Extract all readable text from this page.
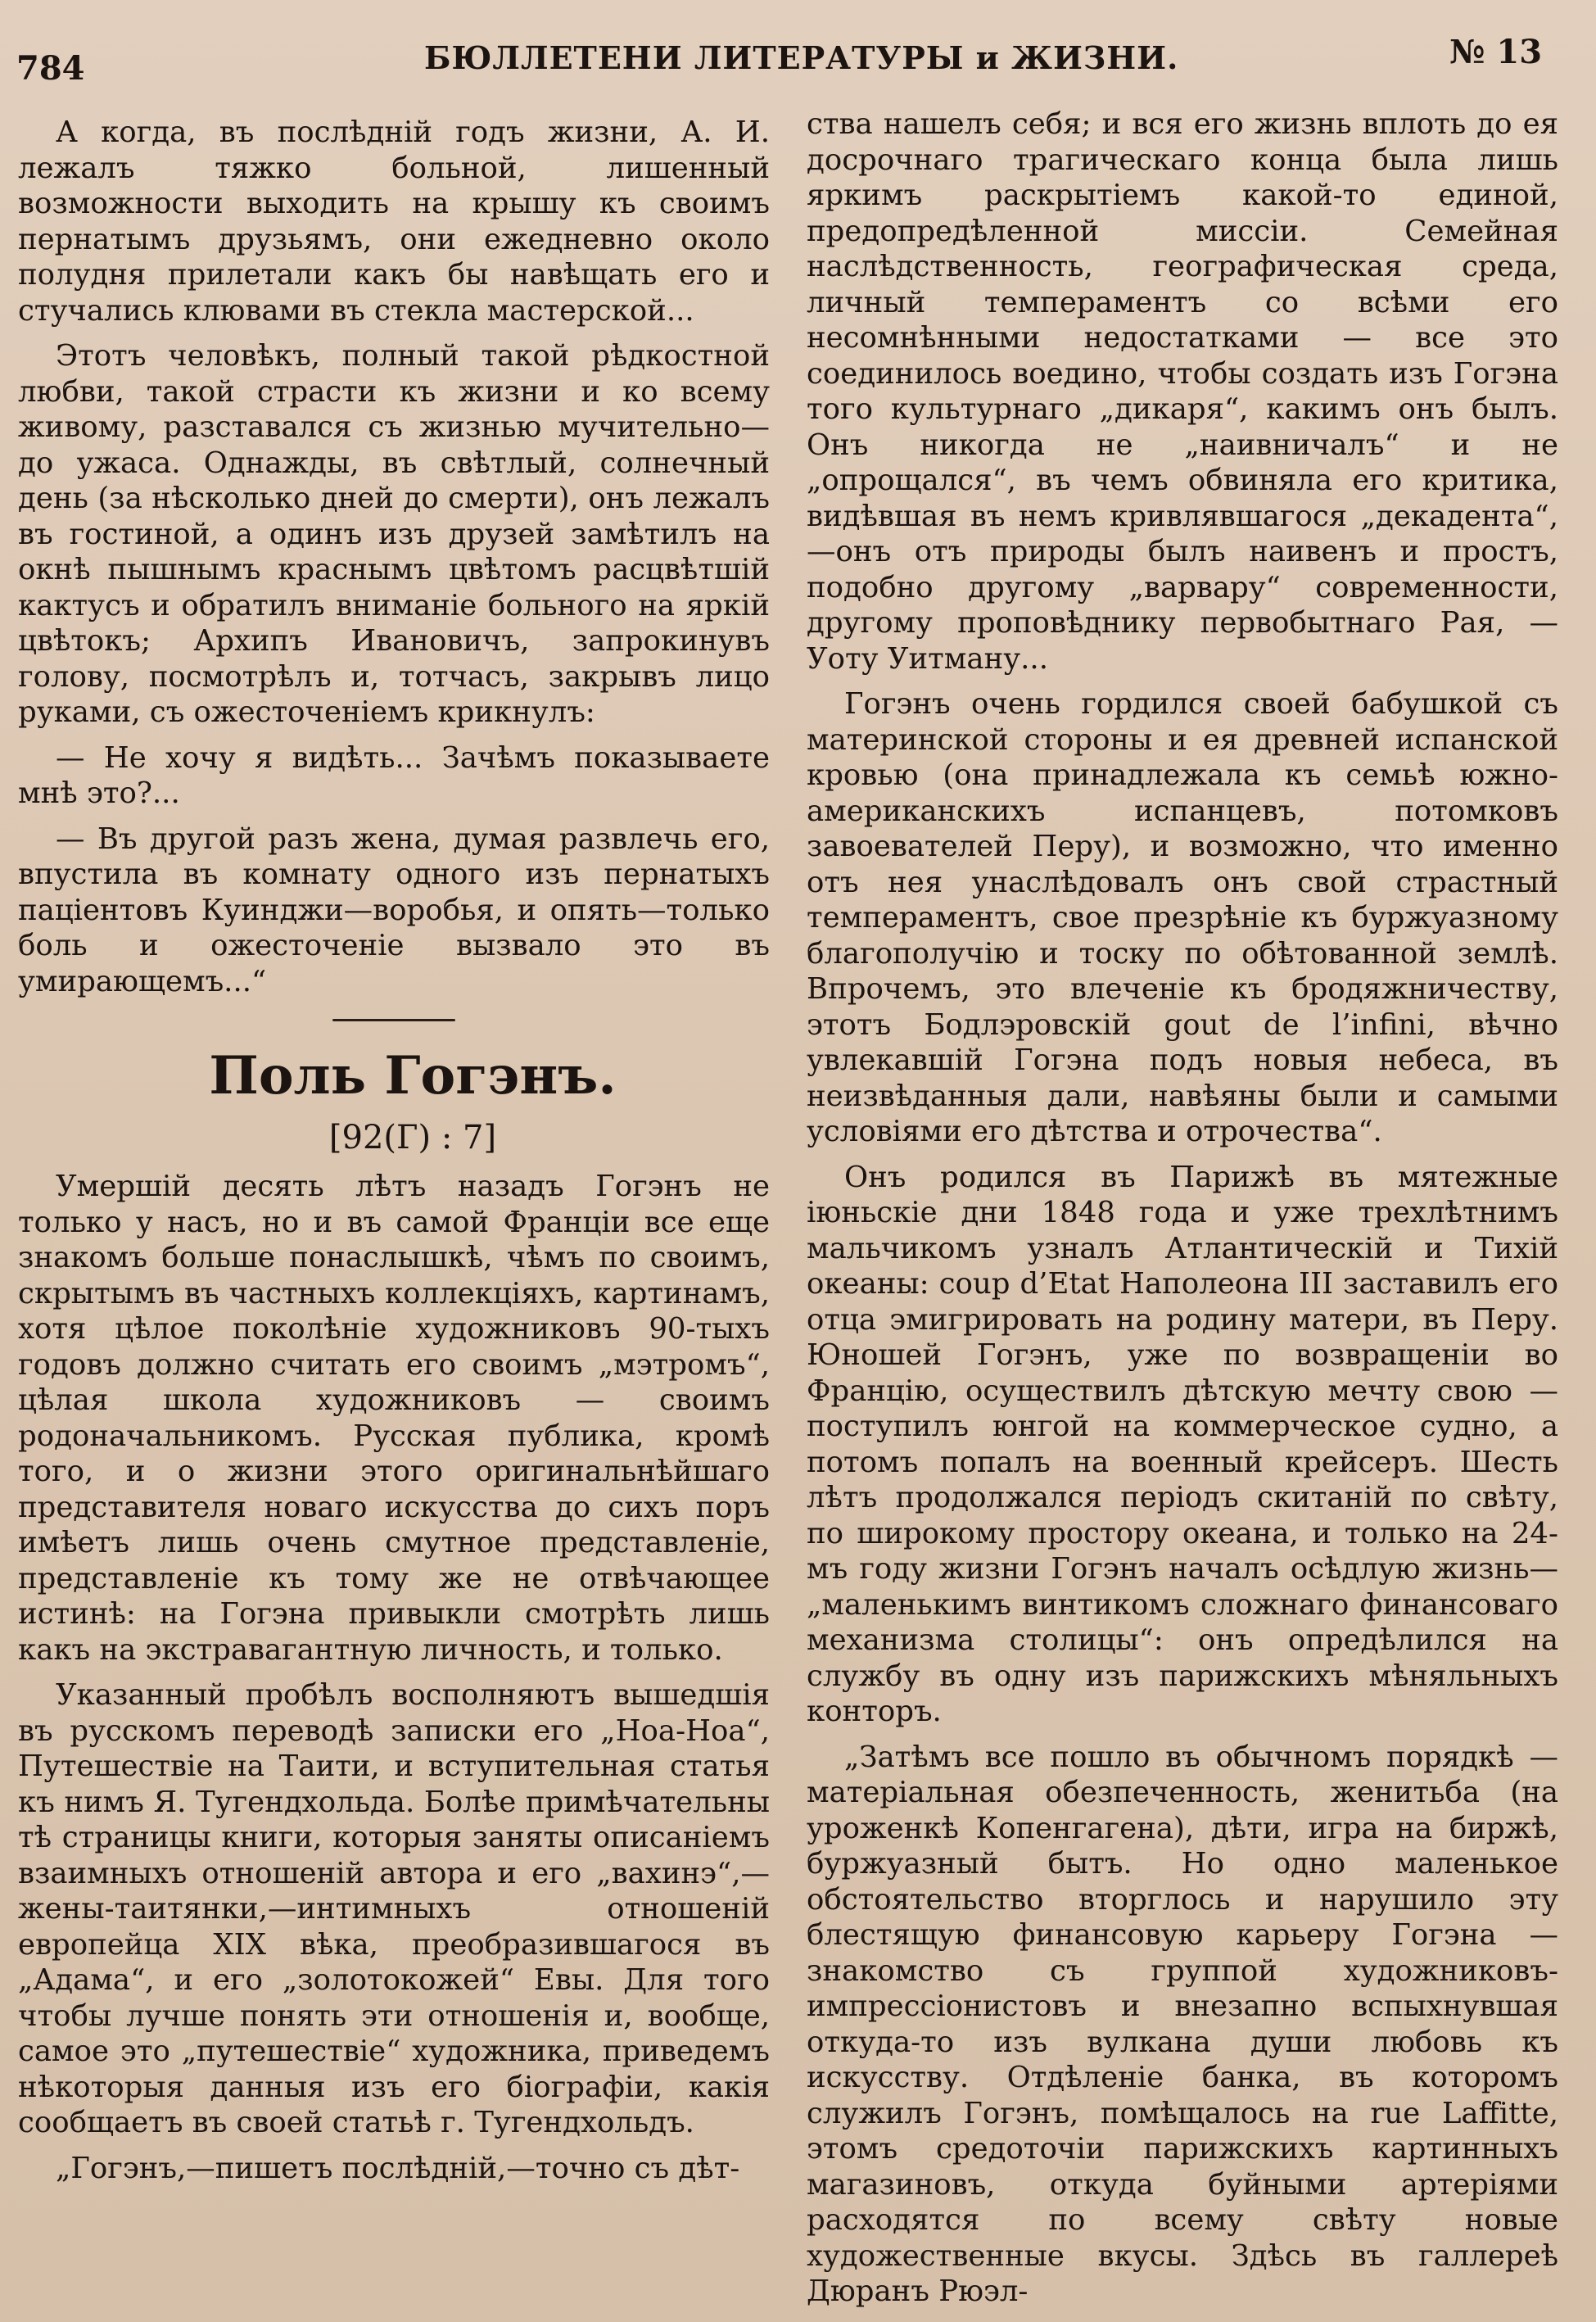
784	БЮЛЛЕТЕНИ ЛИТЕРАТУРЫ и ЖИЗНИ.	№ 13

А когда, въ послѣдній годъ жизни, А. И. лежалъ тяжко больной, лишенный возможности выходить на крышу къ своимъ пернатымъ друзьямъ, они ежедневно около полудня прилетали какъ бы навѣщать его и стучались клювами въ стекла мастерской...

Этотъ человѣкъ, полный такой рѣдкостной любви, такой страсти къ жизни и ко всему живому, разставался съ жизнью мучительно—до ужаса. Однажды, въ свѣтлый, солнечный день (за нѣсколько дней до смерти), онъ лежалъ въ гостиной, а одинъ изъ друзей замѣтилъ на окнѣ пышнымъ краснымъ цвѣтомъ расцвѣтшій кактусъ и обратилъ вниманіе больного на яркій цвѣтокъ; Архипъ Ивановичъ, запрокинувъ голову, посмотрѣлъ и, тотчасъ, закрывъ лицо руками, съ ожесточеніемъ крикнулъ:

— Не хочу я видѣть... Зачѣмъ показываете мнѣ это?...

— Въ другой разъ жена, думая развлечь его, впустила въ комнату одного изъ пернатыхъ паціентовъ Куинджи—воробья, и опять—только боль и ожесточеніе вызвало это въ умирающемъ...“

Поль Гогэнъ.

[92(Г) : 7]

Умершій десять лѣтъ назадъ Гогэнъ не только у насъ, но и въ самой Франціи все еще знакомъ больше понаслышкѣ, чѣмъ по своимъ, скрытымъ въ частныхъ коллекціяхъ, картинамъ, хотя цѣлое поколѣніе художниковъ 90-тыхъ годовъ должно считать его своимъ „мэтромъ“, цѣлая школа художниковъ — своимъ родоначальникомъ. Русская публика, кромѣ того, и о жизни этого оригинальнѣйшаго представителя новаго искусства до сихъ поръ имѣетъ лишь очень смутное представленіе, представленіе къ тому же не отвѣчающее истинѣ: на Гогэна привыкли смотрѣть лишь какъ на экстравагантную личность, и только.

Указанный пробѣлъ восполняютъ вышедшія въ русскомъ переводѣ записки его „Ноа-Ноа“, Путешествіе на Таити, и вступительная статья къ нимъ Я. Тугендхольда. Болѣе примѣчательны тѣ страницы книги, которыя заняты описаніемъ взаимныхъ отношеній автора и его „вахинэ“,— жены-таитянки,—интимныхъ отношеній европейца XIX вѣка, преобразившагося въ „Адама“, и его „золотокожей“ Евы. Для того чтобы лучше понять эти отношенія и, вообще, самое это „путешествіе“ художника, приведемъ нѣкоторыя данныя изъ его біографіи, какія сообщаетъ въ своей статьѣ г. Тугендхольдъ.

„Гогэнъ,—пишетъ послѣдній,—точно съ дѣт-

ства нашелъ себя; и вся его жизнь вплоть до ея досрочнаго трагическаго конца была лишь яркимъ раскрытіемъ какой-то единой, предопредѣленной миссіи. Семейная наслѣдственность, географическая среда, личный темпераментъ со всѣми его несомнѣнными недостатками — все это соединилось воедино, чтобы создать изъ Гогэна того культурнаго „дикаря“, какимъ онъ былъ. Онъ никогда не „наивничалъ“ и не „опрощался“, въ чемъ обвиняла его критика, видѣвшая въ немъ кривлявшагося „декадента“,—онъ отъ природы былъ наивенъ и простъ, подобно другому „варвару“ современности, другому проповѣднику первобытнаго Рая, — Уоту Уитману...

Гогэнъ очень гордился своей бабушкой съ материнской стороны и ея древней испанской кровью (она принадлежала къ семьѣ южно-американскихъ испанцевъ, потомковъ завоевателей Перу), и возможно, что именно отъ нея унаслѣдовалъ онъ свой страстный темпераментъ, свое презрѣніе къ буржуазному благополучію и тоску по обѣтованной землѣ. Впрочемъ, это влеченіе къ бродяжничеству, этотъ Бодлэровскій gout de l’infini, вѣчно увлекавшій Гогэна подъ новыя небеса, въ неизвѣданныя дали, навѣяны были и самыми условіями его дѣтства и отрочества“.

Онъ родился въ Парижѣ въ мятежные іюньскіе дни 1848 года и уже трехлѣтнимъ мальчикомъ узналъ Атлантическій и Тихій океаны: coup d’Etat Наполеона III заставилъ его отца эмигрировать на родину матери, въ Перу. Юношей Гогэнъ, уже по возвращеніи во Францію, осуществилъ дѣтскую мечту свою — поступилъ юнгой на коммерческое судно, а потомъ попалъ на военный крейсеръ. Шесть лѣтъ продолжался періодъ скитаній по свѣту, по широкому простору океана, и только на 24-мъ году жизни Гогэнъ началъ осѣдлую жизнь— „маленькимъ винтикомъ сложнаго финансоваго механизма столицы“: онъ опредѣлился на службу въ одну изъ парижскихъ мѣняльныхъ конторъ.

„Затѣмъ все пошло въ обычномъ порядкѣ — матеріальная обезпеченность, женитьба (на уроженкѣ Копенгагена), дѣти, игра на биржѣ, буржуазный бытъ. Но одно маленькое обстоятельство вторглось и нарушило эту блестящую финансовую карьеру Гогэна — знакомство съ группой художниковъ-импрессіонистовъ и внезапно вспыхнувшая откуда-то изъ вулкана души любовь къ искусству. Отдѣленіе банка, въ которомъ служилъ Гогэнъ, помѣщалось на rue Laffitte, этомъ средоточіи парижскихъ картинныхъ магазиновъ, откуда буйными артеріями расходятся по всему свѣту новые художественные вкусы. Здѣсь въ галлереѣ Дюранъ Рюэл-
